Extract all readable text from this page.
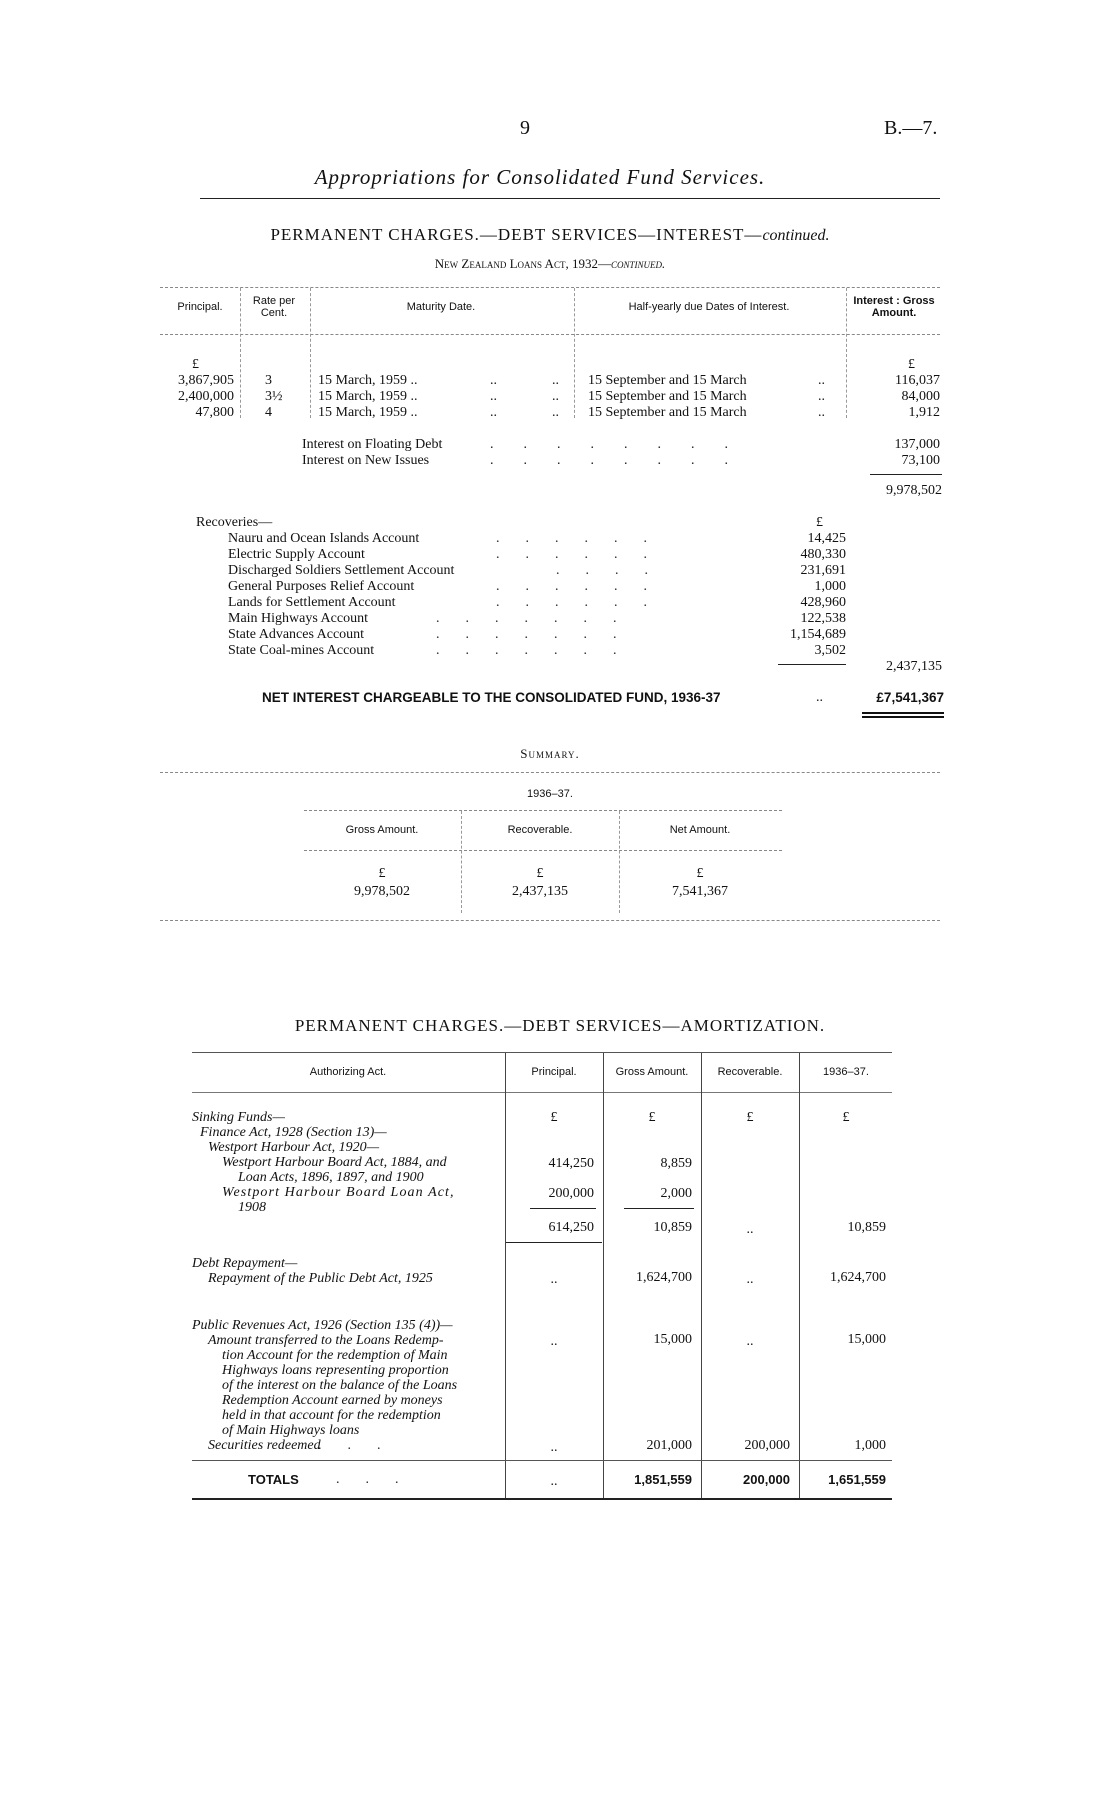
9	B.—7.
Appropriations for Consolidated Fund Services.
PERMANENT CHARGES.—DEBT SERVICES—INTEREST—continued.
New Zealand Loans Act, 1932—continued.
Principal.	Rate per Cent.	Maturity Date.	Half-yearly due Dates of Interest.	Interest : Gross Amount.
£	£
3,867,905 3	15 March, 1959 ..	..	.. 15 September and 15 March	..	116,037
2,400,000 3½	15 March, 1959 ..	..	.. 15 September and 15 March	..	84,000
47,800 4	15 March, 1959 ..	..	.. 15 September and 15 March	..	1,912
Interest on Floating Debt	........	137,000
Interest on New Issues	........	73,100
9,978,502
Recoveries—	£
Nauru and Ocean Islands Account	14,425
Electric Supply Account	480,330
Discharged Soldiers Settlement Account	231,691
General Purposes Relief Account	1,000
Lands for Settlement Account	428,960
Main Highways Account	122,538
State Advances Account	1,154,689
State Coal-mines Account	3,502
......
......
....
......
......
.......
.......
.......
2,437,135
NET INTEREST CHARGEABLE TO THE CONSOLIDATED FUND, 1936-37	..	£7,541,367
Summary.
1936–37.
Gross Amount.	Recoverable.	Net Amount.
£	£	£
9,978,502	2,437,135	7,541,367
PERMANENT CHARGES.—DEBT SERVICES—AMORTIZATION.
Authorizing Act.	Principal.	Gross Amount.	Recoverable.	1936–37.
£	£	£	£
Sinking Funds—
Finance Act, 1928 (Section 13)—
Westport Harbour Act, 1920—
Westport Harbour Board Act, 1884, and
Loan Acts, 1896, 1897, and 1900
Westport Harbour Board Loan Act,
1908
414,250	8,859
200,000	2,000
614,250	10,859	..	10,859
Debt Repayment—
Repayment of the Public Debt Act, 1925	..	1,624,700	..	1,624,700
Public Revenues Act, 1926 (Section 135 (4))—
Amount transferred to the Loans Redemp-
tion Account for the redemption of Main
Highways loans representing proportion
of the interest on the balance of the Loans
Redemption Account earned by moneys
held in that account for the redemption
of Main Highways loans
..	15,000	..	15,000
Securities redeemed
...	..	201,000	200,000	1,000
TOTALS	...	..	1,851,559	200,000	1,651,559
